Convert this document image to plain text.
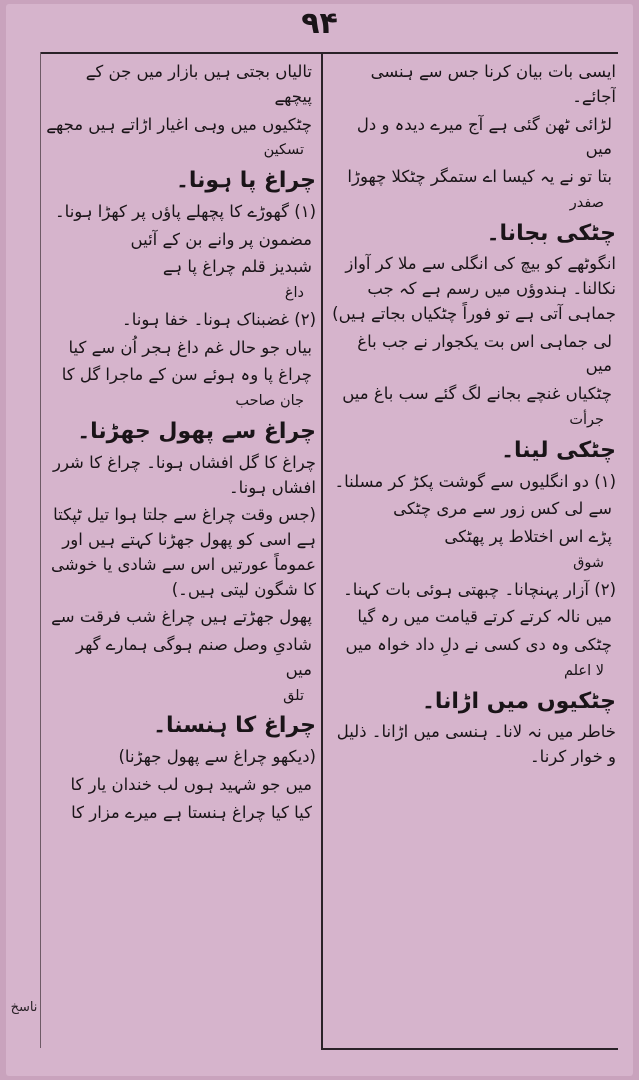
۹۴

ایسی بات بیان کرنا جس سے ہنسی آجائے۔

لڑائی ٹھن گئی ہے آج میرے دیدہ و دل میں

بتا تو نے یہ کیسا اے ستمگر چٹکلا چھوڑا

صفدر

چٹکی بجانا۔

انگوٹھے کو بیچ کی انگلی سے ملا کر آواز نکالنا۔ ہندوؤں میں رسم ہے کہ جب جماہی آتی ہے تو فوراً چٹکیاں بجاتے ہیں)

لی جماہی اس بت یکجوار نے جب باغ میں

چٹکیاں غنچے بجانے لگ گئے سب باغ میں

جرأت

چٹکی لینا۔

(۱) دو انگلیوں سے گوشت پکڑ کر مسلنا۔

سے لی کس زور سے مری چٹکی

پڑے اس اختلاط پر پھٹکی

شوق

(۲) آزار پہنچانا۔ چبھتی ہوئی بات کہنا۔

میں نالہ کرتے کرتے قیامت میں رہ گیا

چٹکی وہ دی کسی نے دلِ داد خواہ میں

لا اعلم

چٹکیوں میں اڑانا۔

خاطر میں نہ لانا۔ ہنسی میں اڑانا۔ ذلیل و خوار کرنا۔

تالیاں بجتی ہیں بازار میں جن کے پیچھے

چٹکیوں میں وہی اغیار اڑاتے ہیں مجھے

تسکین

چراغ پا ہونا۔

(۱) گھوڑے کا پچھلے پاؤں پر کھڑا ہونا۔

مضمون پر وانے بن کے آئیں

شبدیز قلم چراغ پا ہے

داغ

(۲) غضبناک ہونا۔ خفا ہونا۔

بیاں جو حال غم داغ ہجر اُن سے کیا

چراغ پا وہ ہوئے سن کے ماجرا گل کا

جان صاحب

چراغ سے پھول جھڑنا۔

چراغ کا گل افشاں ہونا۔ چراغ کا شرر افشاں ہونا۔

(جس وقت چراغ سے جلتا ہوا تیل ٹپکتا ہے اسی کو پھول جھڑنا کہتے ہیں اور عموماً عورتیں اس سے شادی یا خوشی کا شگون لیتی ہیں۔)

پھول جھڑتے ہیں چراغ شب فرقت سے

شادیِ وصل صنم ہوگی ہمارے گھر میں

تلق

چراغ کا ہنسنا۔

(دیکھو چراغ سے پھول جھڑنا)

میں جو شہید ہوں لب خندان یار کا

کیا کیا چراغ ہنستا ہے میرے مزار کا

ناسخ
